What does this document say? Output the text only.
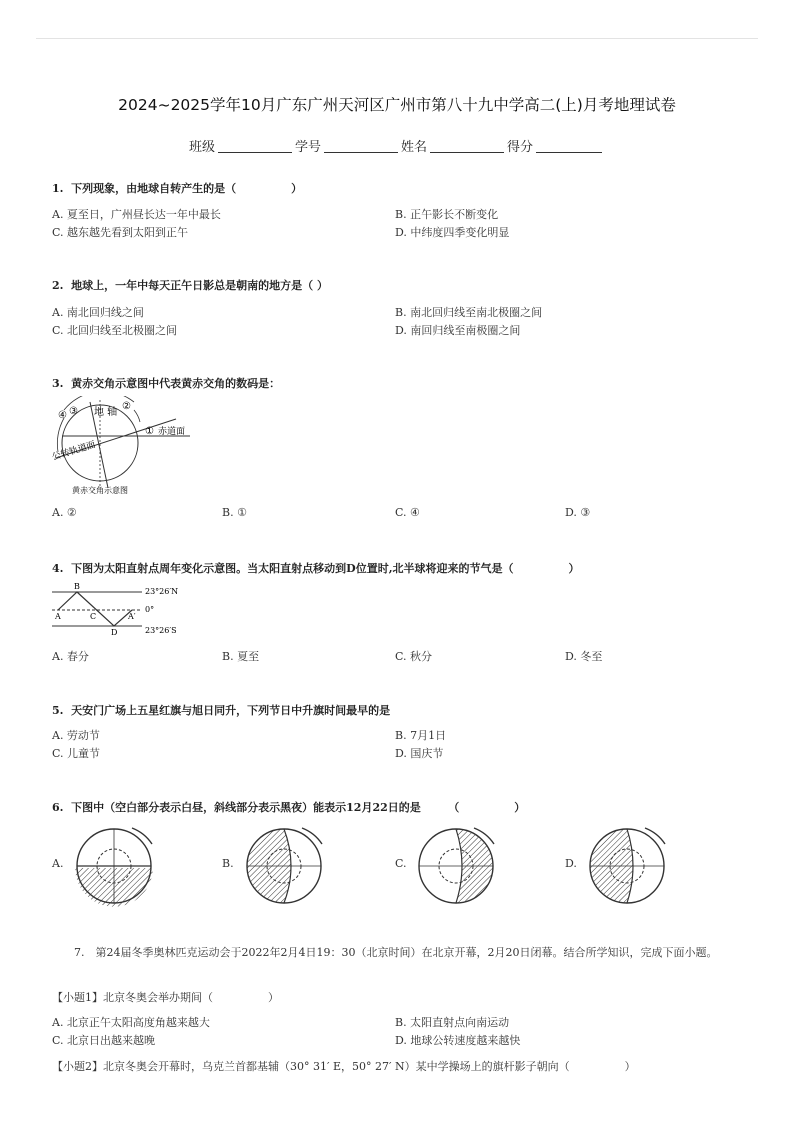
2024~2025学年10月广东广州天河区广州市第八十九中学高二(上)月考地理试卷
班级	学号	姓名	得分
1. 下列现象，由地球自转产生的是（　　　　　）
A. 夏至日，广州昼长达一年中最长	B. 正午影长不断变化
C. 越东越先看到太阳到正午	D. 中纬度四季变化明显
2. 地球上，一年中每天正午日影总是朝南的地方是（ ）
A. 南北回归线之间	B. 南北回归线至南北极圈之间
C. 北回归线至北极圈之间	D. 南回归线至南极圈之间
3. 黄赤交角示意图中代表黄赤交角的数码是：
④ ③ 地 轴
②
① 赤道面
公转轨道面
黄赤交角示意图
A. ②	B. ①	C. ④	D. ③
4. 下图为太阳直射点周年变化示意图。当太阳直射点移动到D位置时,北半球将迎来的节气是（　　　　　）
B
A	C
D
A′
23°26′N
0°
23°26′S
A. 春分	B. 夏至	C. 秋分	D. 冬至
5. 天安门广场上五星红旗与旭日同升，下列节日中升旗时间最早的是
A. 劳动节	B. 7月1日
C. 儿童节	D. 国庆节
6. 下图中（空白部分表示白昼，斜线部分表示黑夜）能表示12月22日的是　　　（　　　　　）
A.	B.	C.	D.
7.　第24届冬季奥林匹克运动会于2022年2月4日19：30（北京时间）在北京开幕，2月20日闭幕。结合所学知识，完成下面小题。
【小题1】北京冬奥会举办期间（　　　　　）
A. 北京正午太阳高度角越来越大	B. 太阳直射点向南运动
C. 北京日出越来越晚	D. 地球公转速度越来越快
【小题2】北京冬奥会开幕时，乌克兰首都基辅（30° 31′ E，50° 27′ N）某中学操场上的旗杆影子朝向（　　　　　）
